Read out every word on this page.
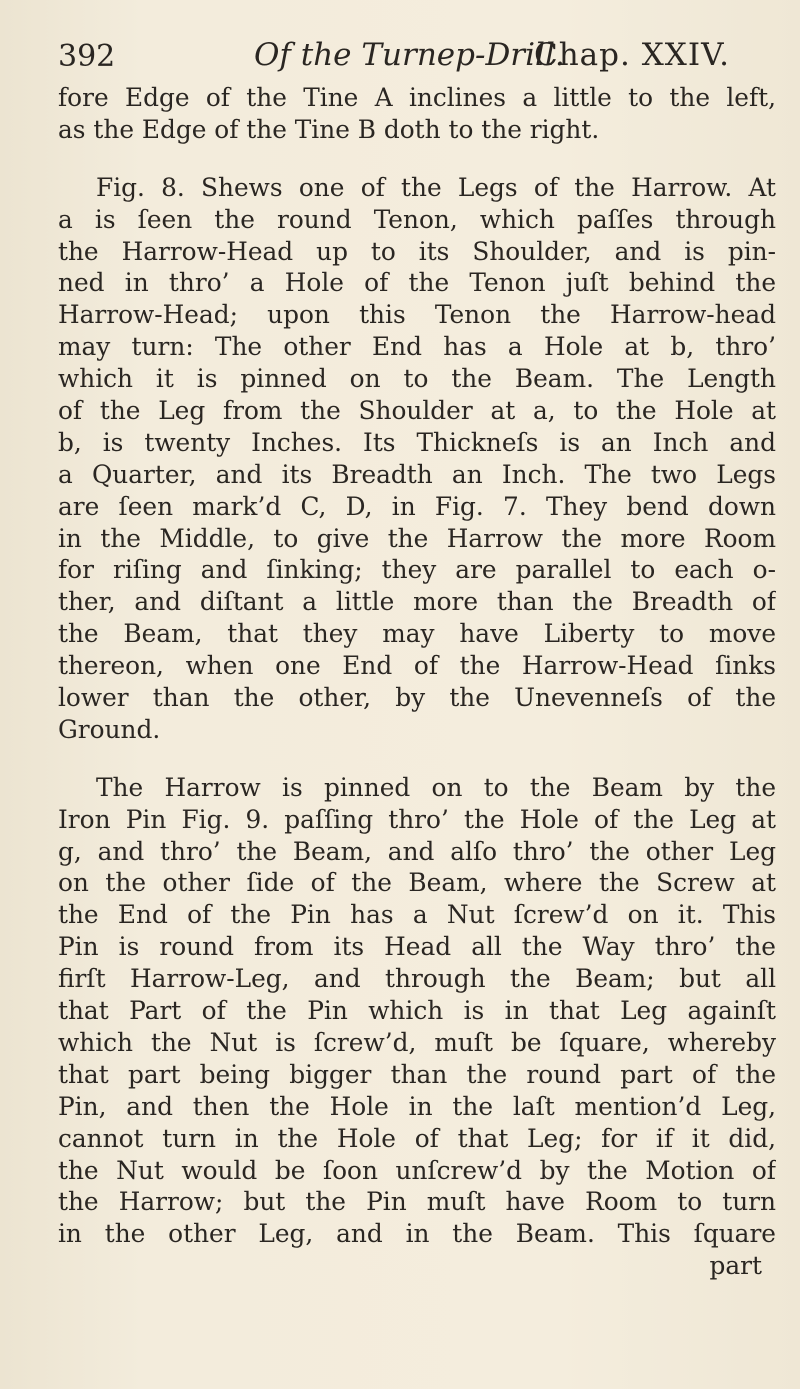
392	Of the Turnep-Drill.
Chap. XXIV.
fore Edge of the Tine A inclines a little to the left,
as the Edge of the Tine B doth to the right.
Fig. 8. Shews one of the Legs of the Harrow. At
a is ſeen the round Tenon, which paſſes through
the Harrow-Head up to its Shoulder, and is pin-
ned in thro’ a Hole of the Tenon juſt behind the
Harrow-Head; upon this Tenon the Harrow-head
may turn: The other End has a Hole at b, thro’
which it is pinned on to the Beam. The Length
of the Leg from the Shoulder at a, to the Hole at
b, is twenty Inches. Its Thickneſs is an Inch and
a Quarter, and its Breadth an Inch. The two Legs
are ſeen mark’d C, D, in Fig. 7. They bend down
in the Middle, to give the Harrow the more Room
for riſing and ſinking; they are parallel to each o-
ther, and diſtant a little more than the Breadth of
the Beam, that they may have Liberty to move
thereon, when one End of the Harrow-Head ſinks
lower than the other, by the Unevenneſs of the
Ground.
The Harrow is pinned on to the Beam by the
Iron Pin Fig. 9. paſſing thro’ the Hole of the Leg at
g, and thro’ the Beam, and alſo thro’ the other Leg
on the other ſide of the Beam, where the Screw at
the End of the Pin has a Nut ſcrew’d on it. This
Pin is round from its Head all the Way thro’ the
firſt Harrow-Leg, and through the Beam; but all
that Part of the Pin which is in that Leg againſt
which the Nut is ſcrew’d, muſt be ſquare, whereby
that part being bigger than the round part of the
Pin, and then the Hole in the laſt mention’d Leg,
cannot turn in the Hole of that Leg; for if it did,
the Nut would be ſoon unſcrew’d by the Motion of
the Harrow; but the Pin muſt have Room to turn
in the other Leg, and in the Beam. This ſquare
part
